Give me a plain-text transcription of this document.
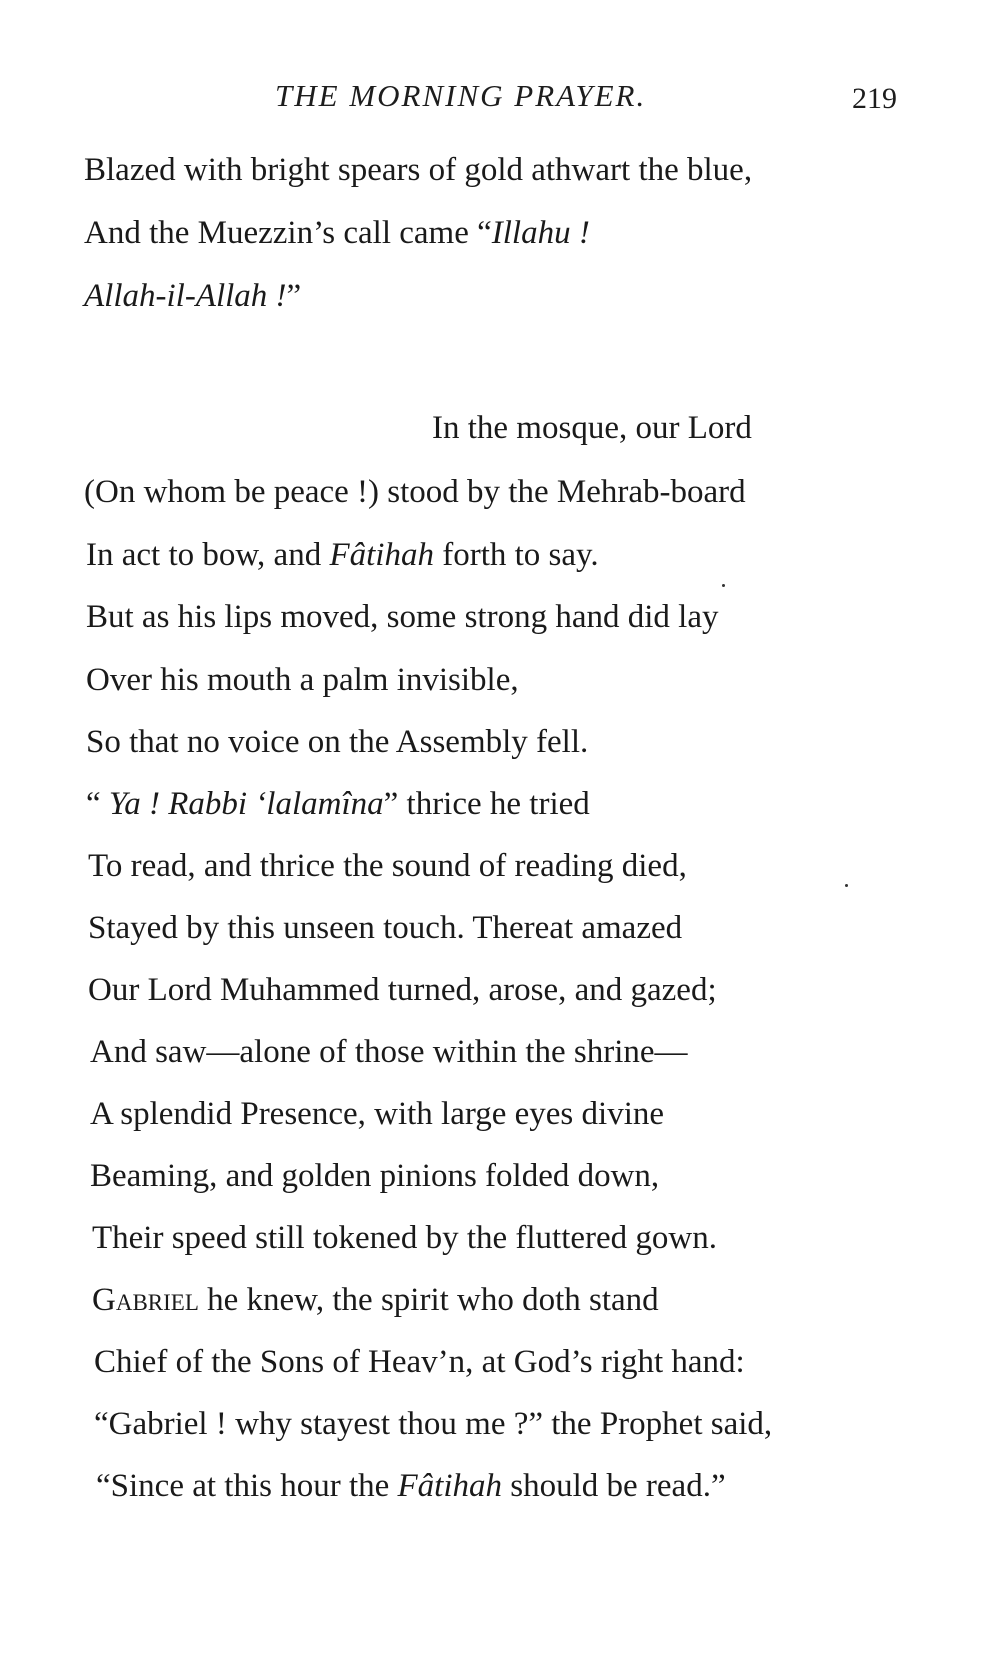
THE MORNING PRAYER.	219
Blazed with bright spears of gold athwart the blue,
And the Muezzin’s call came “Illahu !
Allah-il-Allah !”
In the mosque, our Lord
(On whom be peace !) stood by the Mehrab-board
In act to bow, and Fâtihah forth to say.
But as his lips moved, some strong hand did lay
Over his mouth a palm invisible,
So that no voice on the Assembly fell.
“ Ya ! Rabbi ‘lalamîna” thrice he tried
To read, and thrice the sound of reading died,
Stayed by this unseen touch. Thereat amazed
Our Lord Muhammed turned, arose, and gazed;
And saw—alone of those within the shrine—
A splendid Presence, with large eyes divine
Beaming, and golden pinions folded down,
Their speed still tokened by the fluttered gown.
Gabriel he knew, the spirit who doth stand
Chief of the Sons of Heav’n, at God’s right hand:
“Gabriel ! why stayest thou me ?” the Prophet said,
“Since at this hour the Fâtihah should be read.”
